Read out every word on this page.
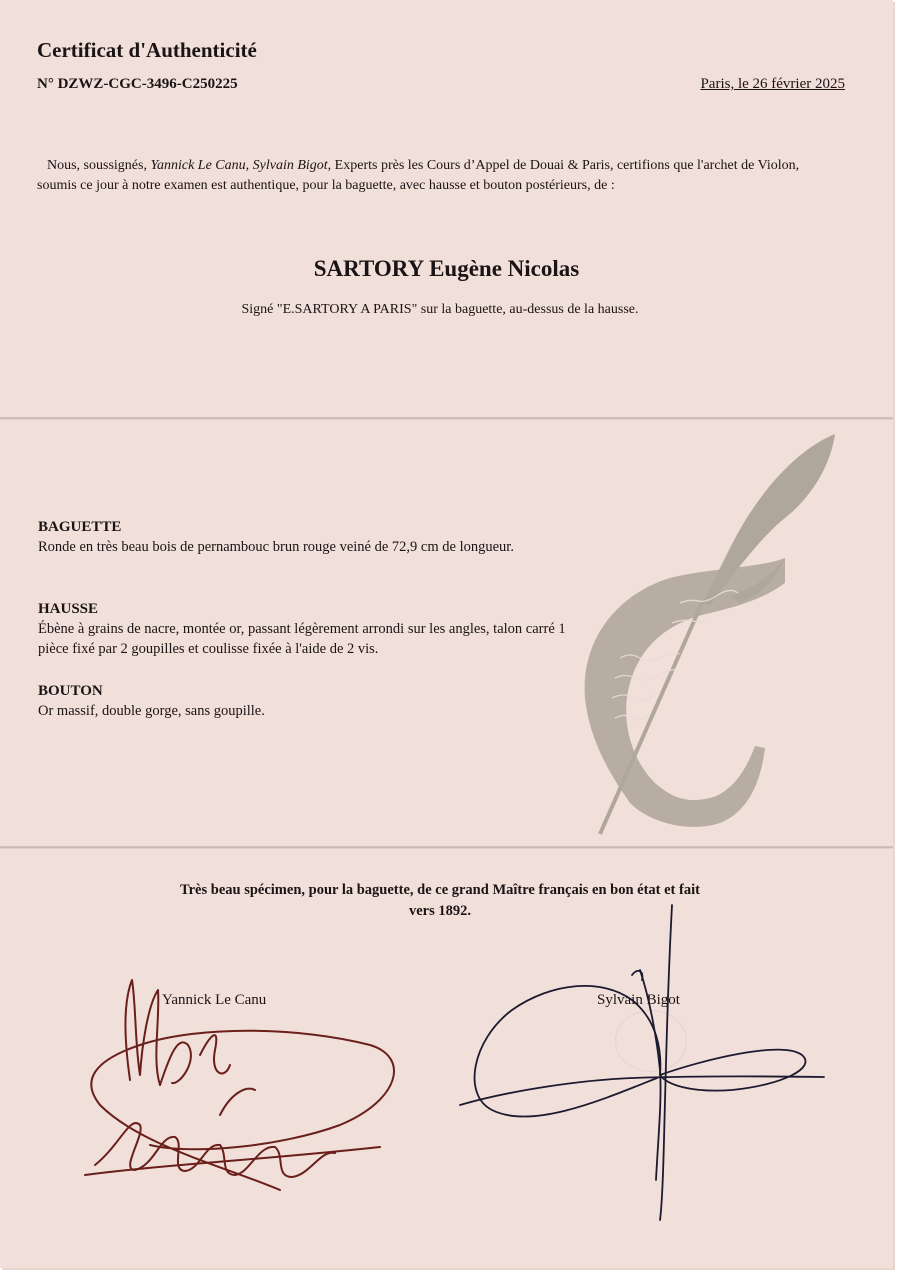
Certificat d'Authenticité
N° DZWZ-CGC-3496-C250225	Paris, le 26 février 2025
Nous, soussignés, Yannick Le Canu, Sylvain Bigot, Experts près les Cours d’Appel de Douai & Paris, certifions que l'archet de Violon, soumis ce jour à notre examen est authentique, pour la baguette, avec hausse et bouton postérieurs, de :
SARTORY Eugène Nicolas
Signé "E.SARTORY A PARIS" sur la baguette, au-dessus de la hausse.
BAGUETTE
Ronde en très beau bois de pernambouc brun rouge veiné de 72,9 cm de longueur.
HAUSSE
Ébène à grains de nacre, montée or, passant légèrement arrondi sur les angles, talon carré 1 pièce fixé par 2 goupilles et coulisse fixée à l'aide de 2 vis.
BOUTON
Or massif, double gorge, sans goupille.
Très beau spécimen, pour la baguette, de ce grand Maître français en bon état et fait vers 1892.
Yannick Le Canu	Sylvain Bigot
